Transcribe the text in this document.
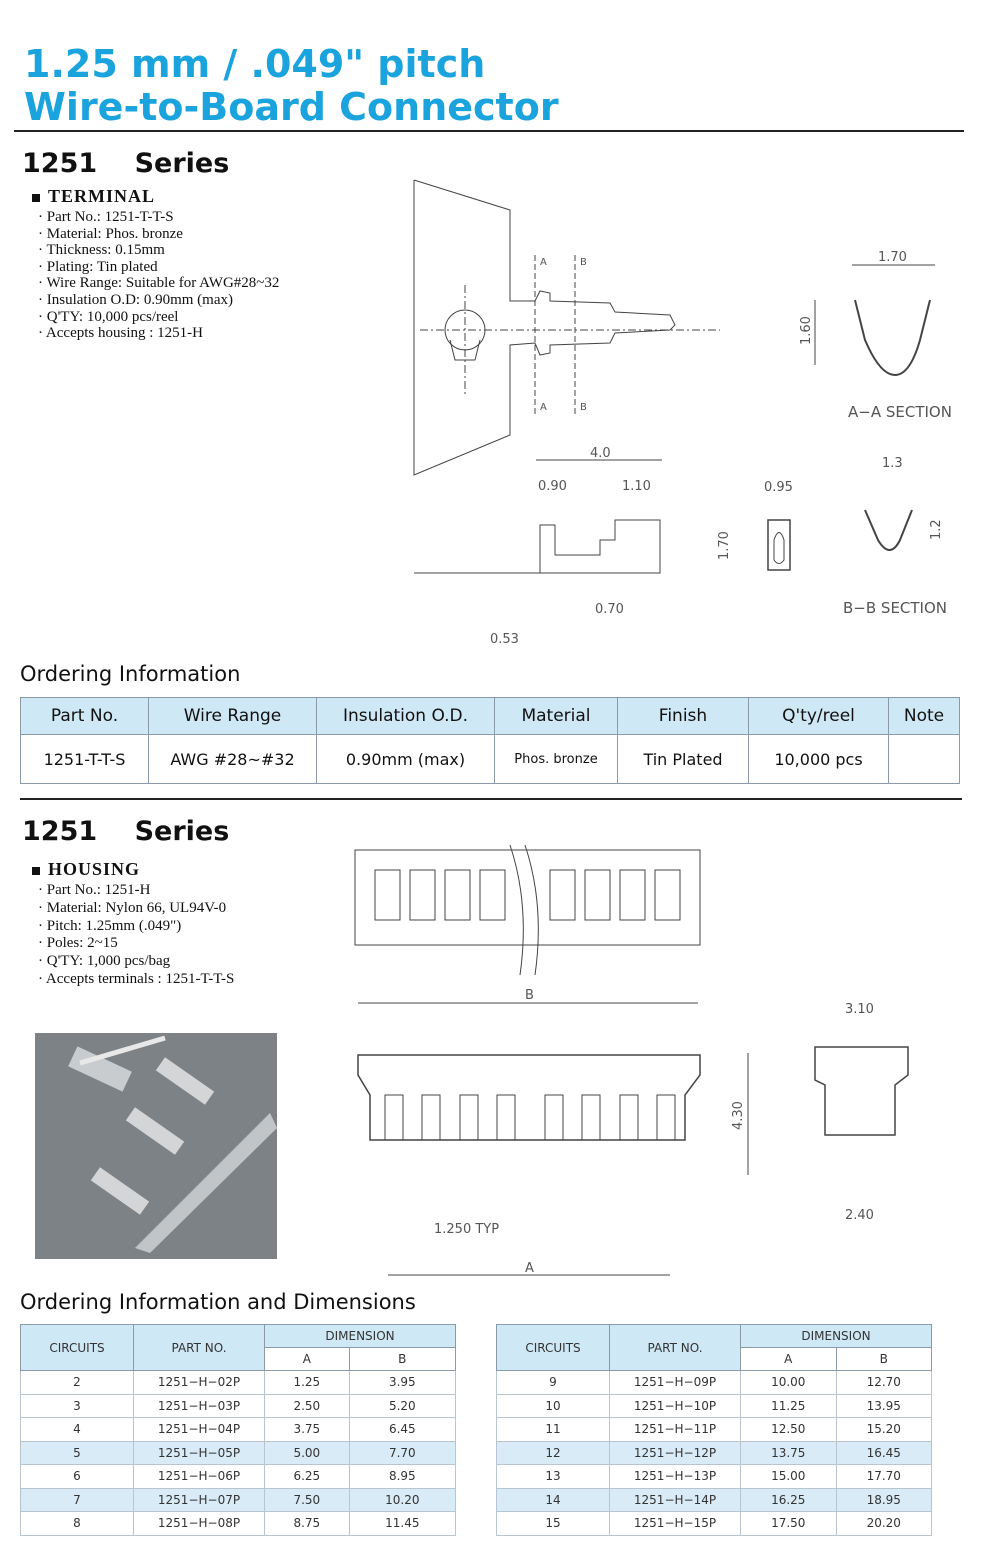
1.25 mm / .049" pitch
Wire-to-Board Connector
1251 Series
TERMINAL
· Part No.: 1251-T-T-S
· Material: Phos. bronze
· Thickness: 0.15mm
· Plating: Tin plated
· Wire Range: Suitable for AWG#28~32
· Insulation O.D: 0.90mm (max)
· Q'TY: 10,000 pcs/reel
· Accepts housing : 1251-H
A	B
A	B
1.70
1.60
A−A SECTION
4.0
0.90	1.10
0.70
0.53
0.95
1.70
1.3
1.2
B−B SECTION
Ordering Information
Part No.	Wire Range	Insulation O.D.	Material	Finish	Q'ty/reel	Note
1251-T-T-S	AWG #28~#32	0.90mm (max)	Phos. bronze	Tin Plated	10,000 pcs	
1251 Series
HOUSING
· Part No.: 1251-H
· Material: Nylon 66, UL94V-0
· Pitch: 1.25mm (.049")
· Poles: 2~15
· Q'TY: 1,000 pcs/bag
· Accepts terminals : 1251-T-T-S
B
4.30
1.250 TYP
A
3.10
2.40
Ordering Information and Dimensions
CIRCUITS	PART NO.	DIMENSION	
		A	B
2	1251−H−02P	1.25	3.95
3	1251−H−03P	2.50	5.20
4	1251−H−04P	3.75	6.45
5	1251−H−05P	5.00	7.70
6	1251−H−06P	6.25	8.95
7	1251−H−07P	7.50	10.20
8	1251−H−08P	8.75	11.45
CIRCUITS	PART NO.	DIMENSION	
		A	B
9	1251−H−09P	10.00	12.70
10	1251−H−10P	11.25	13.95
11	1251−H−11P	12.50	15.20
12	1251−H−12P	13.75	16.45
13	1251−H−13P	15.00	17.70
14	1251−H−14P	16.25	18.95
15	1251−H−15P	17.50	20.20
